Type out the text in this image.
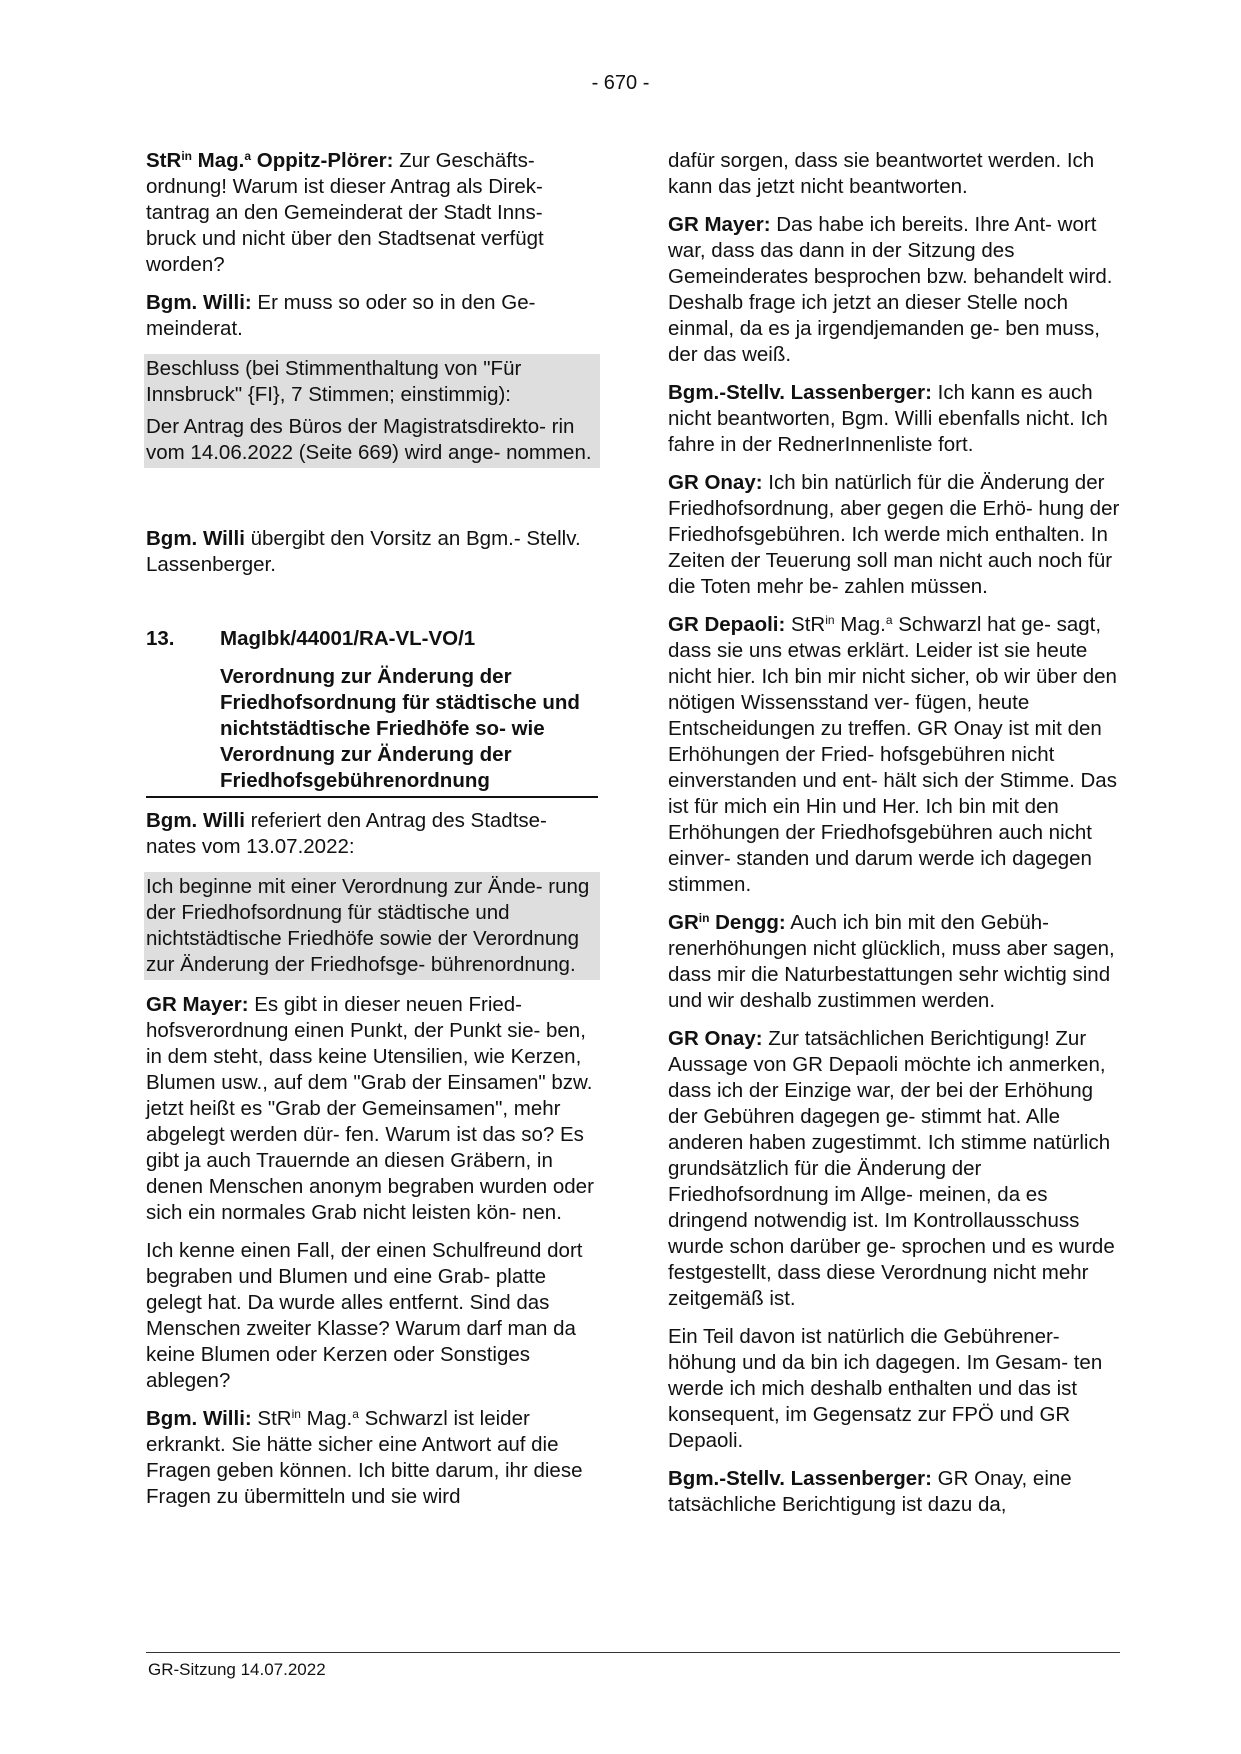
- 670 -

StR$^{in}$ Mag.$^a$ Oppitz-Plörer: Zur Geschäfts- ordnung! Warum ist dieser Antrag als Direk- tantrag an den Gemeinderat der Stadt Inns- bruck und nicht über den Stadtsenat verfügt worden?

Bgm. Willi: Er muss so oder so in den Ge- meinderat.

Beschluss (bei Stimmenthaltung von "Für Innsbruck" {FI}, 7 Stimmen; einstimmig):

Der Antrag des Büros der Magistratsdirekto- rin vom 14.06.2022 (Seite 669) wird ange- nommen.

Bgm. Willi übergibt den Vorsitz an Bgm.- Stellv. Lassenberger.

13.	MagIbk/44001/RA-VL-VO/1
Verordnung zur Änderung der Friedhofsordnung für städtische und nichtstädtische Friedhöfe so- wie Verordnung zur Änderung der Friedhofsgebührenordnung

Bgm. Willi referiert den Antrag des Stadtse- nates vom 13.07.2022:

Ich beginne mit einer Verordnung zur Ände- rung der Friedhofsordnung für städtische und nichtstädtische Friedhöfe sowie der Verordnung zur Änderung der Friedhofsge- bührenordnung.

GR Mayer: Es gibt in dieser neuen Fried- hofsverordnung einen Punkt, der Punkt sie- ben, in dem steht, dass keine Utensilien, wie Kerzen, Blumen usw., auf dem "Grab der Einsamen" bzw. jetzt heißt es "Grab der Gemeinsamen", mehr abgelegt werden dür- fen. Warum ist das so? Es gibt ja auch Trauernde an diesen Gräbern, in denen Menschen anonym begraben wurden oder sich ein normales Grab nicht leisten kön- nen.

Ich kenne einen Fall, der einen Schulfreund dort begraben und Blumen und eine Grab- platte gelegt hat. Da wurde alles entfernt. Sind das Menschen zweiter Klasse? Warum darf man da keine Blumen oder Kerzen oder Sonstiges ablegen?

Bgm. Willi: StR$^{in}$ Mag.$^a$ Schwarzl ist leider erkrankt. Sie hätte sicher eine Antwort auf die Fragen geben können. Ich bitte darum, ihr diese Fragen zu übermitteln und sie wird

dafür sorgen, dass sie beantwortet werden. Ich kann das jetzt nicht beantworten.

GR Mayer: Das habe ich bereits. Ihre Ant- wort war, dass das dann in der Sitzung des Gemeinderates besprochen bzw. behandelt wird. Deshalb frage ich jetzt an dieser Stelle noch einmal, da es ja irgendjemanden ge- ben muss, der das weiß.

Bgm.-Stellv. Lassenberger: Ich kann es auch nicht beantworten, Bgm. Willi ebenfalls nicht. Ich fahre in der RednerInnenliste fort.

GR Onay: Ich bin natürlich für die Änderung der Friedhofsordnung, aber gegen die Erhö- hung der Friedhofsgebühren. Ich werde mich enthalten. In Zeiten der Teuerung soll man nicht auch noch für die Toten mehr be- zahlen müssen.

GR Depaoli: StR$^{in}$ Mag.$^a$ Schwarzl hat ge- sagt, dass sie uns etwas erklärt. Leider ist sie heute nicht hier. Ich bin mir nicht sicher, ob wir über den nötigen Wissensstand ver- fügen, heute Entscheidungen zu treffen. GR Onay ist mit den Erhöhungen der Fried- hofsgebühren nicht einverstanden und ent- hält sich der Stimme. Das ist für mich ein Hin und Her. Ich bin mit den Erhöhungen der Friedhofsgebühren auch nicht einver- standen und darum werde ich dagegen stimmen.

$GR^{in}$ Dengg: Auch ich bin mit den Gebüh- renerhöhungen nicht glücklich, muss aber sagen, dass mir die Naturbestattungen sehr wichtig sind und wir deshalb zustimmen werden.

GR Onay: Zur tatsächlichen Berichtigung! Zur Aussage von GR Depaoli möchte ich anmerken, dass ich der Einzige war, der bei der Erhöhung der Gebühren dagegen ge- stimmt hat. Alle anderen haben zugestimmt. Ich stimme natürlich grundsätzlich für die Änderung der Friedhofsordnung im Allge- meinen, da es dringend notwendig ist. Im Kontrollausschuss wurde schon darüber ge- sprochen und es wurde festgestellt, dass diese Verordnung nicht mehr zeitgemäß ist.

Ein Teil davon ist natürlich die Gebührener- höhung und da bin ich dagegen. Im Gesam- ten werde ich mich deshalb enthalten und das ist konsequent, im Gegensatz zur FPÖ und GR Depaoli.

Bgm.-Stellv. Lassenberger: GR Onay, eine tatsächliche Berichtigung ist dazu da,

GR-Sitzung 14.07.2022
